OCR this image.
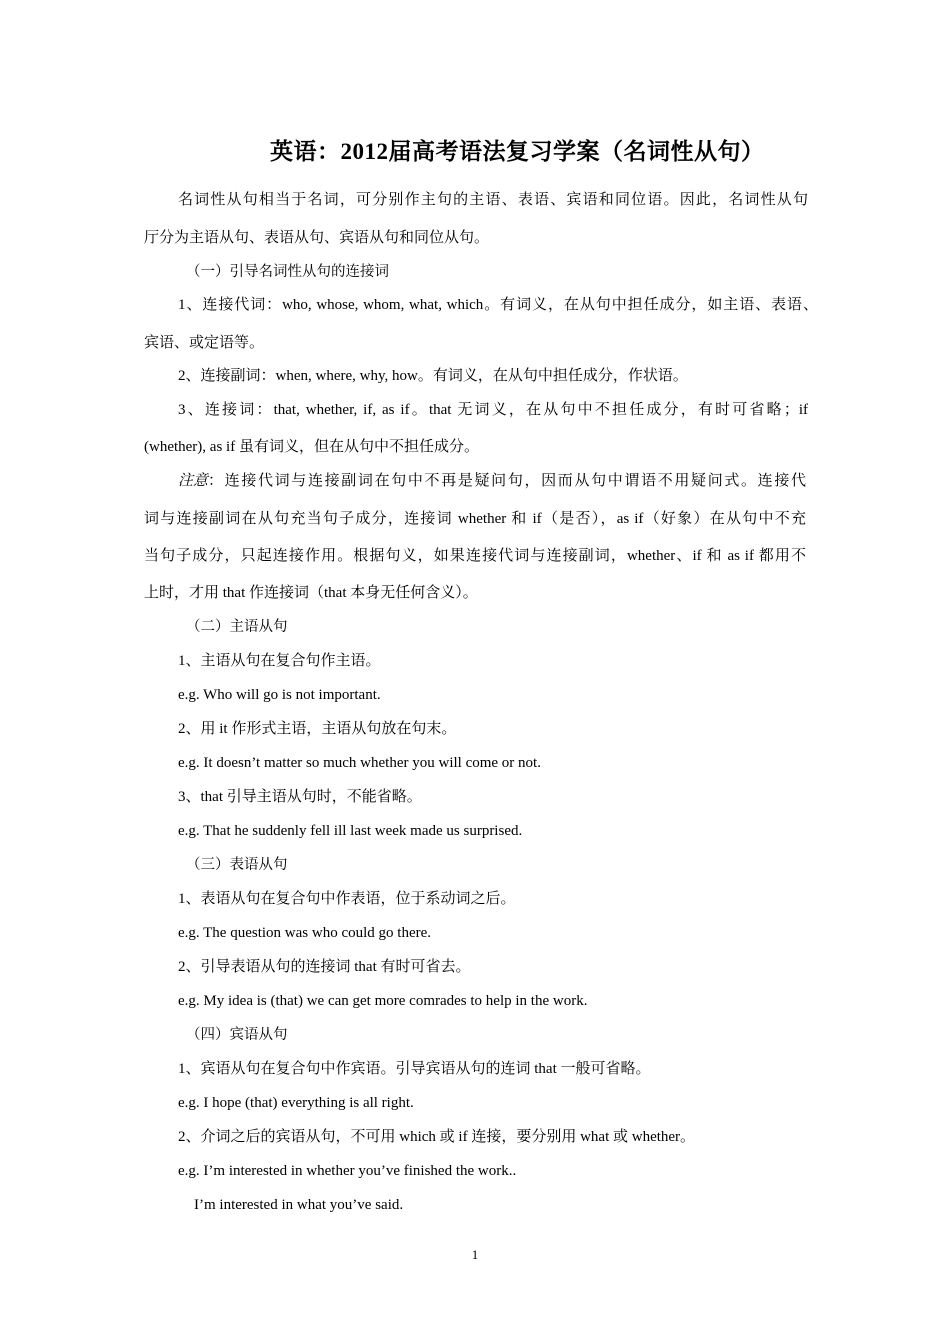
英语：2012届高考语法复习学案（名词性从句）
名词性从句相当于名词，可分别作主句的主语、表语、宾语和同位语。因此，名词性从句
厅分为主语从句、表语从句、宾语从句和同位从句。
（一）引导名词性从句的连接词
1、连接代词：who, whose, whom, what, which。有词义，在从句中担任成分，如主语、表语、
宾语、或定语等。
2、连接副词：when, where, why, how。有词义，在从句中担任成分，作状语。
3、连接词：that, whether, if, as if。that 无词义，在从句中不担任成分，有时可省略；if
(whether), as if 虽有词义，但在从句中不担任成分。
注意 ：连接代词与连接副词在句中不再是疑问句，因而从句中谓语不用疑问式。连接代
词与连接副词在从句充当句子成分，连接词 whether 和 if（是否），as if（好象）在从句中不充
当句子成分，只起连接作用。根据句义，如果连接代词与连接副词，whether、if 和 as if 都用不
上时，才用 that 作连接词（that 本身无任何含义）。
（二）主语从句
1、主语从句在复合句作主语。
e.g. Who will go is not important.
2、用 it 作形式主语，主语从句放在句末。
e.g. It doesn’t matter so much whether you will come or not.
3、that 引导主语从句时，不能省略。
e.g. That he suddenly fell ill last week made us surprised.
（三）表语从句
1、表语从句在复合句中作表语，位于系动词之后。
e.g. The question was who could go there.
2、引导表语从句的连接词 that 有时可省去。
e.g. My idea is (that) we can get more comrades to help in the work.
（四）宾语从句
1、宾语从句在复合句中作宾语。引导宾语从句的连词 that 一般可省略。
e.g. I hope (that) everything is all right.
2、介词之后的宾语从句，不可用 which 或 if 连接，要分别用 what 或 whether。
e.g. I’m interested in whether you’ve finished the work..
I’m interested in what you’ve said.
1
